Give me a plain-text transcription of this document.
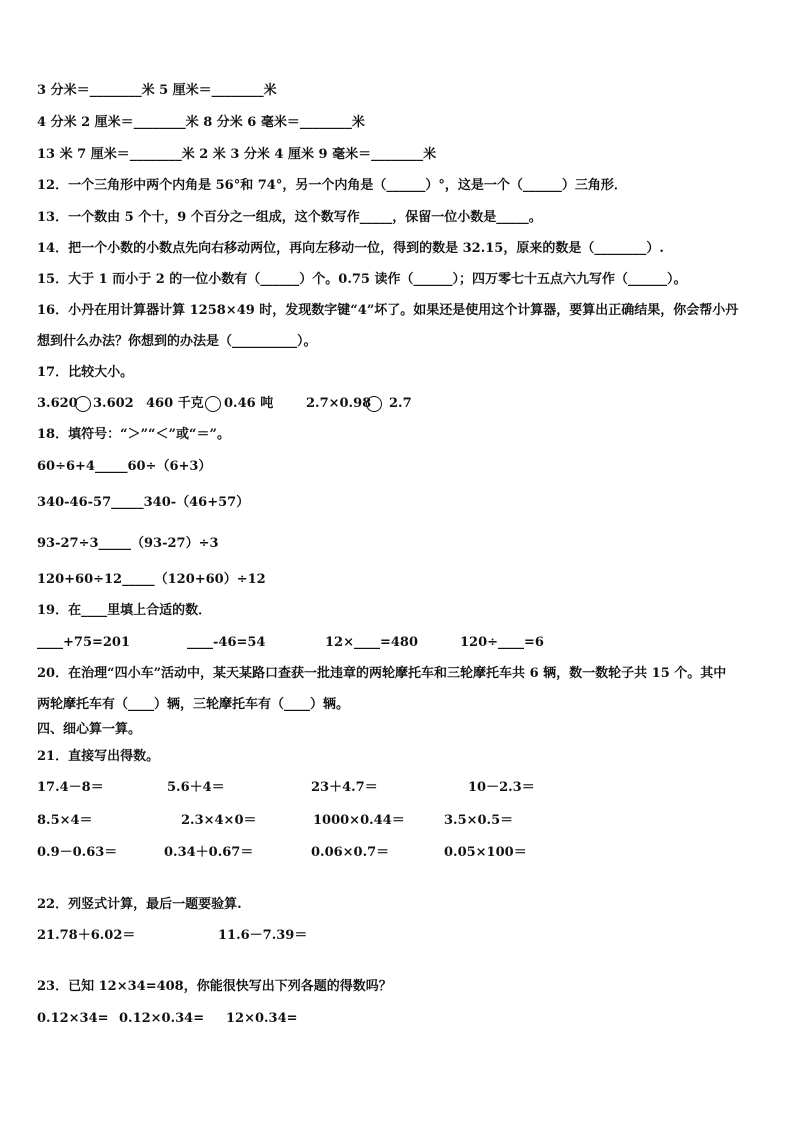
3 分米＝________米 5 厘米＝________米
4 分米 2 厘米＝________米 8 分米 6 毫米＝________米
13 米 7 厘米＝________米 2 米 3 分米 4 厘米 9 毫米＝________米
12．一个三角形中两个内角是 56°和 74°，另一个内角是（______）°，这是一个（______）三角形．
13．一个数由 5 个十，9 个百分之一组成，这个数写作_____，保留一位小数是_____。
14．把一个小数的小数点先向右移动两位，再向左移动一位，得到的数是 32.15，原来的数是（________）.
15．大于 1 而小于 2 的一位小数有（______）个。0.75 读作（______）；四万零七十五点六九写作（______）。
16．小丹在用计算器计算 1258×49 时，发现数字键“4”坏了。如果还是使用这个计算器，要算出正确结果，你会帮小丹
想到什么办法？你想到的办法是（__________）。
17．比较大小。
3.620 3.602 460 千克 0.46 吨	2.7×0.98 2.7
18．填符号：“＞”“＜”或“＝”。
60÷6+4_____60÷（6+3）
340-46-57_____340-（46+57）
93-27÷3_____（93-27）÷3
120+60÷12_____（120+60）÷12
19．在____里填上合适的数．
____+75=201	____-46=54	12×____=480	120÷____=6
20．在治理“四小车”活动中，某天某路口查获一批违章的两轮摩托车和三轮摩托车共 6 辆，数一数轮子共 15 个。其中
两轮摩托车有（____）辆，三轮摩托车有（____）辆。
四、细心算一算。
21．直接写出得数。
17.4－8＝	5.6＋4＝	23＋4.7＝	10－2.3＝
8.5×4＝	2.3×4×0＝	1000×0.44＝	3.5×0.5＝
0.9－0.63＝	0.34＋0.67＝	0.06×0.7＝	0.05×100＝
22．列竖式计算，最后一题要验算.
21.78＋6.02＝	11.6－7.39＝
23．已知 12×34=408，你能很快写出下列各题的得数吗？
0.12×34= 0.12×0.34= 12×0.34=
